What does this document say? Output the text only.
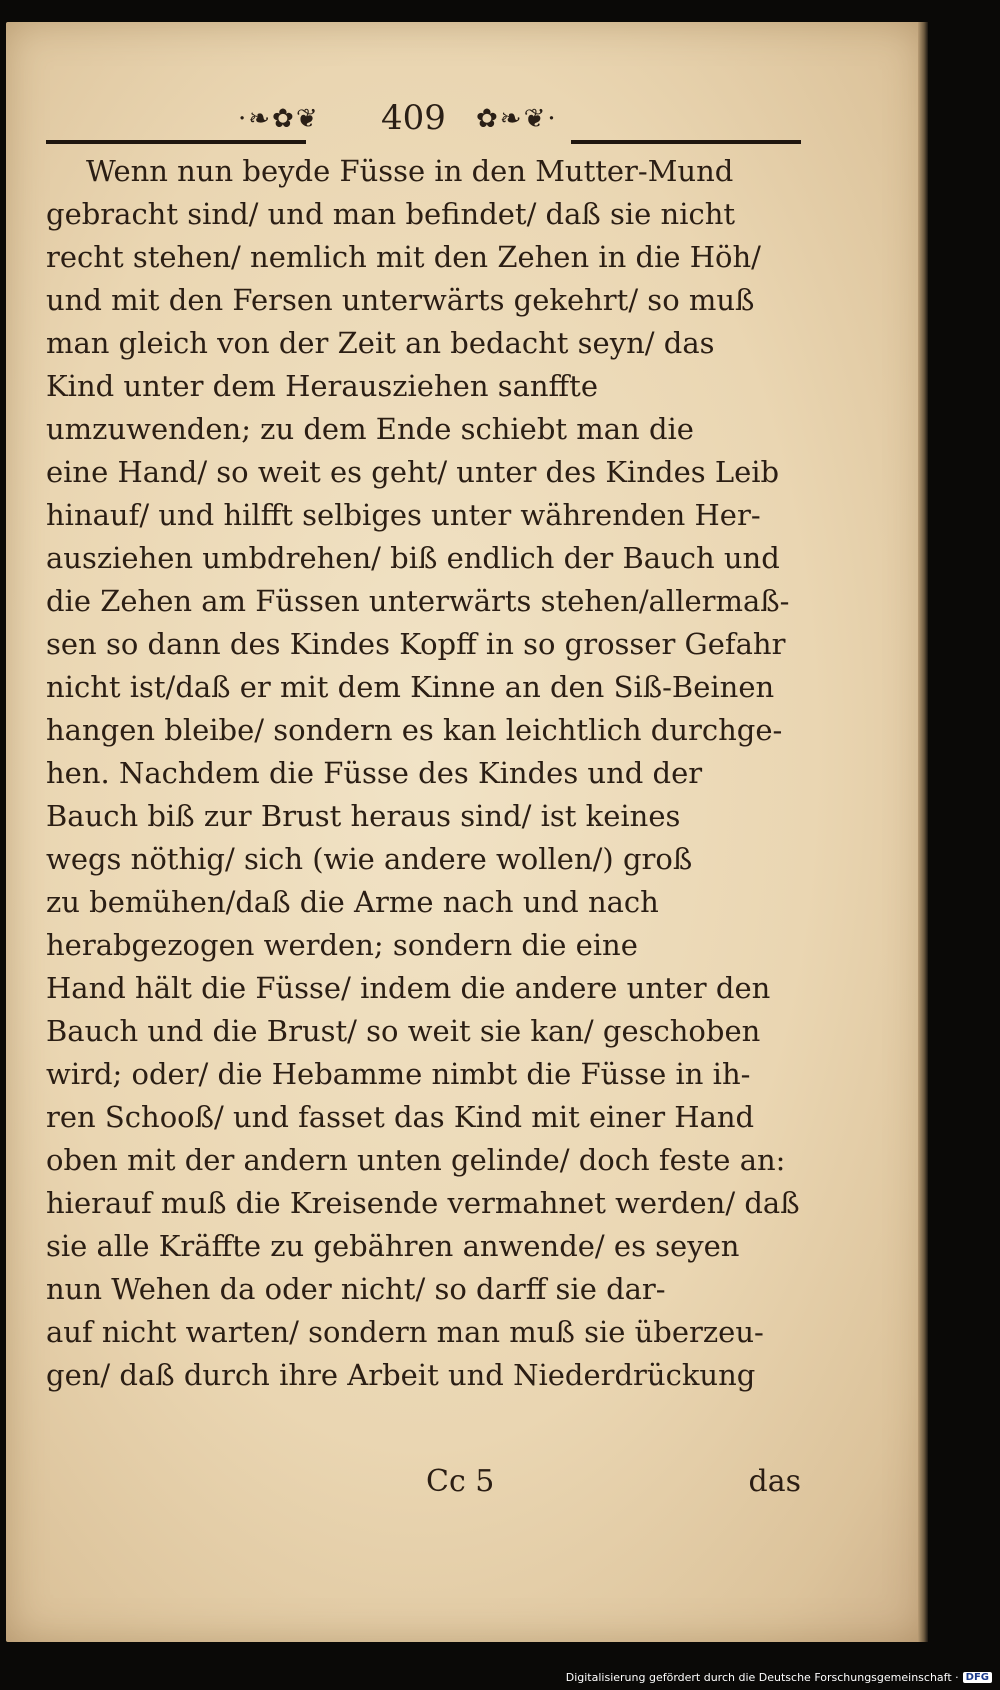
·❧✿❦ 409 ✿❧❦·
Wenn nun beyde Füsse in den Mutter-Mund
gebracht sind/ und man befindet/ daß sie nicht
recht stehen/ nemlich mit den Zehen in die Höh/
und mit den Fersen unterwärts gekehrt/ so muß
man gleich von der Zeit an bedacht seyn/ das
Kind unter dem Herausziehen sanffte
umzuwenden; zu dem Ende schiebt man die
eine Hand/ so weit es geht/ unter des Kindes Leib
hinauf/ und hilfft selbiges unter währenden Her-
ausziehen umbdrehen/ biß endlich der Bauch und
die Zehen am Füssen unterwärts stehen/allermaß-
sen so dann des Kindes Kopff in so grosser Gefahr
nicht ist/daß er mit dem Kinne an den Siß-Beinen
hangen bleibe/ sondern es kan leichtlich durchge-
hen. Nachdem die Füsse des Kindes und der
Bauch biß zur Brust heraus sind/ ist keines
wegs nöthig/ sich (wie andere wollen/) groß
zu bemühen/daß die Arme nach und nach
herabgezogen werden; sondern die eine
Hand hält die Füsse/ indem die andere unter den
Bauch und die Brust/ so weit sie kan/ geschoben
wird; oder/ die Hebamme nimbt die Füsse in ih-
ren Schooß/ und fasset das Kind mit einer Hand
oben mit der andern unten gelinde/ doch feste an:
hierauf muß die Kreisende vermahnet werden/ daß
sie alle Kräffte zu gebähren anwende/ es seyen
nun Wehen da oder nicht/ so darff sie dar-
auf nicht warten/ sondern man muß sie überzeu-
gen/ daß durch ihre Arbeit und Niederdrückung
Cc 5	das
Digitalisierung gefördert durch die Deutsche Forschungsgemeinschaft · DFG
